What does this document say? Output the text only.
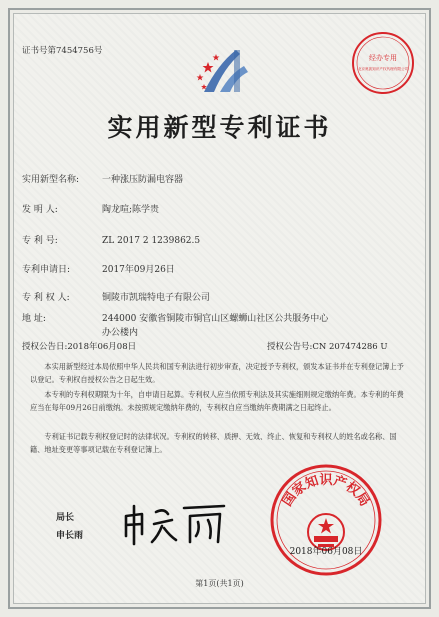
证书号第7454756号
经办专用
北京奥凯知识产权代理有限公司
实用新型专利证书
实用新型名称:	一种涨压防漏电容器
发 明 人:	陶龙喧;陈学贵
专 利 号:	ZL 2017 2 1239862.5
专利申请日:	2017年09月26日
专 利 权 人:	铜陵市凯瑞特电子有限公司
地 址:	244000 安徽省铜陵市铜官山区螺蛳山社区公共服务中心
办公楼内
授权公告日:2018年06月08日	授权公告号:CN 207474286 U
本实用新型经过本局依照中华人民共和国专利法进行初步审查，决定授予专利权，颁发本证书并在专利登记簿上予以登记。专利权自授权公告之日起生效。
本专利的专利权期限为十年，自申请日起算。专利权人应当依照专利法及其实施细则规定缴纳年费。本专利的年费应当在每年09月26日前缴纳。未按照规定缴纳年费的，专利权自应当缴纳年费期满之日起终止。
专利证书记载专利权登记时的法律状况。专利权的转移、质押、无效、终止、恢复和专利权人的姓名或名称、国籍、地址变更等事项记载在专利登记簿上。
局长
申长雨
国家知识产权局
2018年06月08日
第1页(共1页)
